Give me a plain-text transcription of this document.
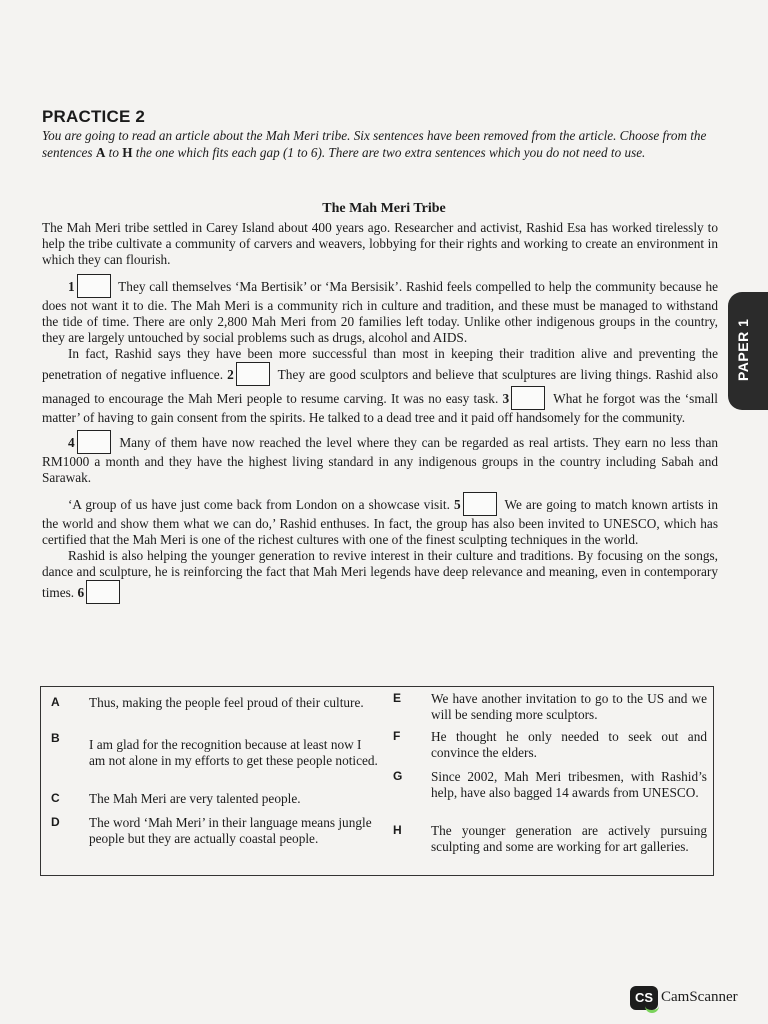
PRACTICE 2
You are going to read an article about the Mah Meri tribe. Six sentences have been removed from the article. Choose from the sentences A to H the one which fits each gap (1 to 6). There are two extra sentences which you do not need to use.
The Mah Meri Tribe

The Mah Meri tribe settled in Carey Island about 400 years ago. Researcher and activist, Rashid Esa has worked tirelessly to help the tribe cultivate a community of carvers and weavers, lobbying for their rights and working to create an environment in which they can flourish.

1	They call themselves ‘Ma Bertisik’ or ‘Ma Bersisik’. Rashid feels compelled to help the community because he does not want it to die. The Mah Meri is a community rich in culture and tradition, and these must be managed to withstand the tide of time. There are only 2,800 Mah Meri from 20 families left today. Unlike other indigenous groups in the country, they are largely untouched by social problems such as drugs, alcohol and AIDS.

In fact, Rashid says they have been more successful than most in keeping their tradition alive and preventing the penetration of negative influence. 2	They are good sculptors and believe that sculptures are living things. Rashid also managed to encourage the Mah Meri people to resume carving. It was no easy task. 3	What he forgot was the ‘small matter’ of having to gain consent from the spirits. He talked to a dead tree and it paid off handsomely for the community.

4	Many of them have now reached the level where they can be regarded as real artists. They earn no less than RM1000 a month and they have the highest living standard in any indigenous groups in the country including Sabah and Sarawak.

‘A group of us have just come back from London on a showcase visit. 5	We are going to match known artists in the world and show them what we can do,’ Rashid enthuses. In fact, the group has also been invited to UNESCO, which has certified that the Mah Meri is one of the richest cultures with one of the finest sculpting techniques in the world.

Rashid is also helping the younger generation to revive interest in their culture and traditions. By focusing on the songs, dance and sculpture, he is reinforcing the fact that Mah Meri legends have deep relevance and meaning, even in contemporary times. 6

A Thus, making the people feel proud of their culture.
B I am glad for the recognition because at least now I am not alone in my efforts to get these people noticed.
C The Mah Meri are very talented people.
D The word ‘Mah Meri’ in their language means jungle people but they are actually coastal people.
E We have another invitation to go to the US and we will be sending more sculptors.
F He thought he only needed to seek out and convince the elders.
G Since 2002, Mah Meri tribesmen, with Rashid’s help, have also bagged 14 awards from UNESCO.
H The younger generation are actively pursuing sculpting and some are working for art galleries.
PAPER 1
CS CamScanner
